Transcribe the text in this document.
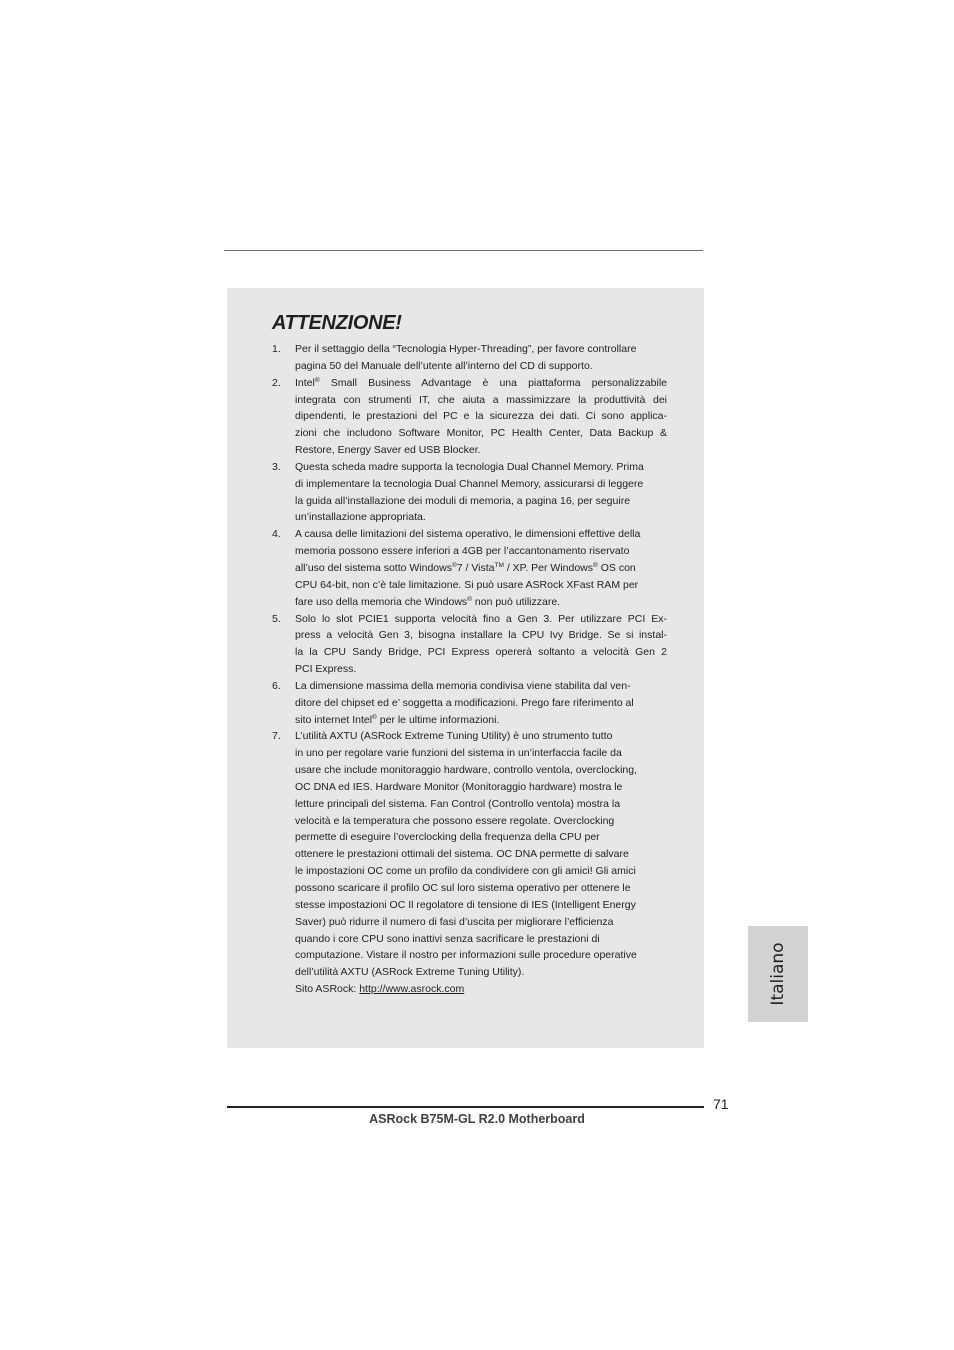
ATTENZIONE!
1. Per il settaggio della “Tecnologia Hyper-Threading”, per favore controllare
pagina 50 del Manuale dell’utente all’interno del CD di supporto.
2. Intel® Small Business Advantage è una piattaforma personalizzabile
integrata con strumenti IT, che aiuta a massimizzare la produttività dei
dipendenti, le prestazioni del PC e la sicurezza dei dati. Ci sono applica-
zioni che includono Software Monitor, PC Health Center, Data Backup &
Restore, Energy Saver ed USB Blocker.
3. Questa scheda madre supporta la tecnologia Dual Channel Memory. Prima
di implementare la tecnologia Dual Channel Memory, assicurarsi di leggere
la guida all’installazione dei moduli di memoria, a pagina 16, per seguire
un’installazione appropriata.
4. A causa delle limitazioni del sistema operativo, le dimensioni effettive della
memoria possono essere inferiori a 4GB per l’accantonamento riservato
all’uso del sistema sotto Windows®7 / Vista™ / XP. Per Windows® OS con
CPU 64-bit, non c’è tale limitazione. Si può usare ASRock XFast RAM per
fare uso della memoria che Windows® non può utilizzare.
5. Solo lo slot PCIE1 supporta velocità fino a Gen 3. Per utilizzare PCI Ex-
press a velocità Gen 3, bisogna installare la CPU Ivy Bridge. Se si instal-
la la CPU Sandy Bridge, PCI Express opererà soltanto a velocità Gen 2
PCI Express.
6. La dimensione massima della memoria condivisa viene stabilita dal ven-
ditore del chipset ed e’ soggetta a modificazioni. Prego fare riferimento al
sito internet Intel® per le ultime informazioni.
7. L’utilità AXTU (ASRock Extreme Tuning Utility) è uno strumento tutto
in uno per regolare varie funzioni del sistema in un’interfaccia facile da
usare che include monitoraggio hardware, controllo ventola, overclocking,
OC DNA ed IES. Hardware Monitor (Monitoraggio hardware) mostra le
letture principali del sistema. Fan Control (Controllo ventola) mostra la
velocità e la temperatura che possono essere regolate. Overclocking
permette di eseguire l’overclocking della frequenza della CPU per
ottenere le prestazioni ottimali del sistema. OC DNA permette di salvare
le impostazioni OC come un profilo da condividere con gli amici! Gli amici
possono scaricare il profilo OC sul loro sistema operativo per ottenere le
stesse impostazioni OC Il regolatore di tensione di IES (Intelligent Energy
Saver) può ridurre il numero di fasi d’uscita per migliorare l’efficienza
quando i core CPU sono inattivi senza sacrificare le prestazioni di
computazione. Vistare il nostro per informazioni sulle procedure operative
dell’utilità AXTU (ASRock Extreme Tuning Utility).
Sito ASRock: http://www.asrock.com	Italiano
71
ASRock B75M-GL R2.0 Motherboard
